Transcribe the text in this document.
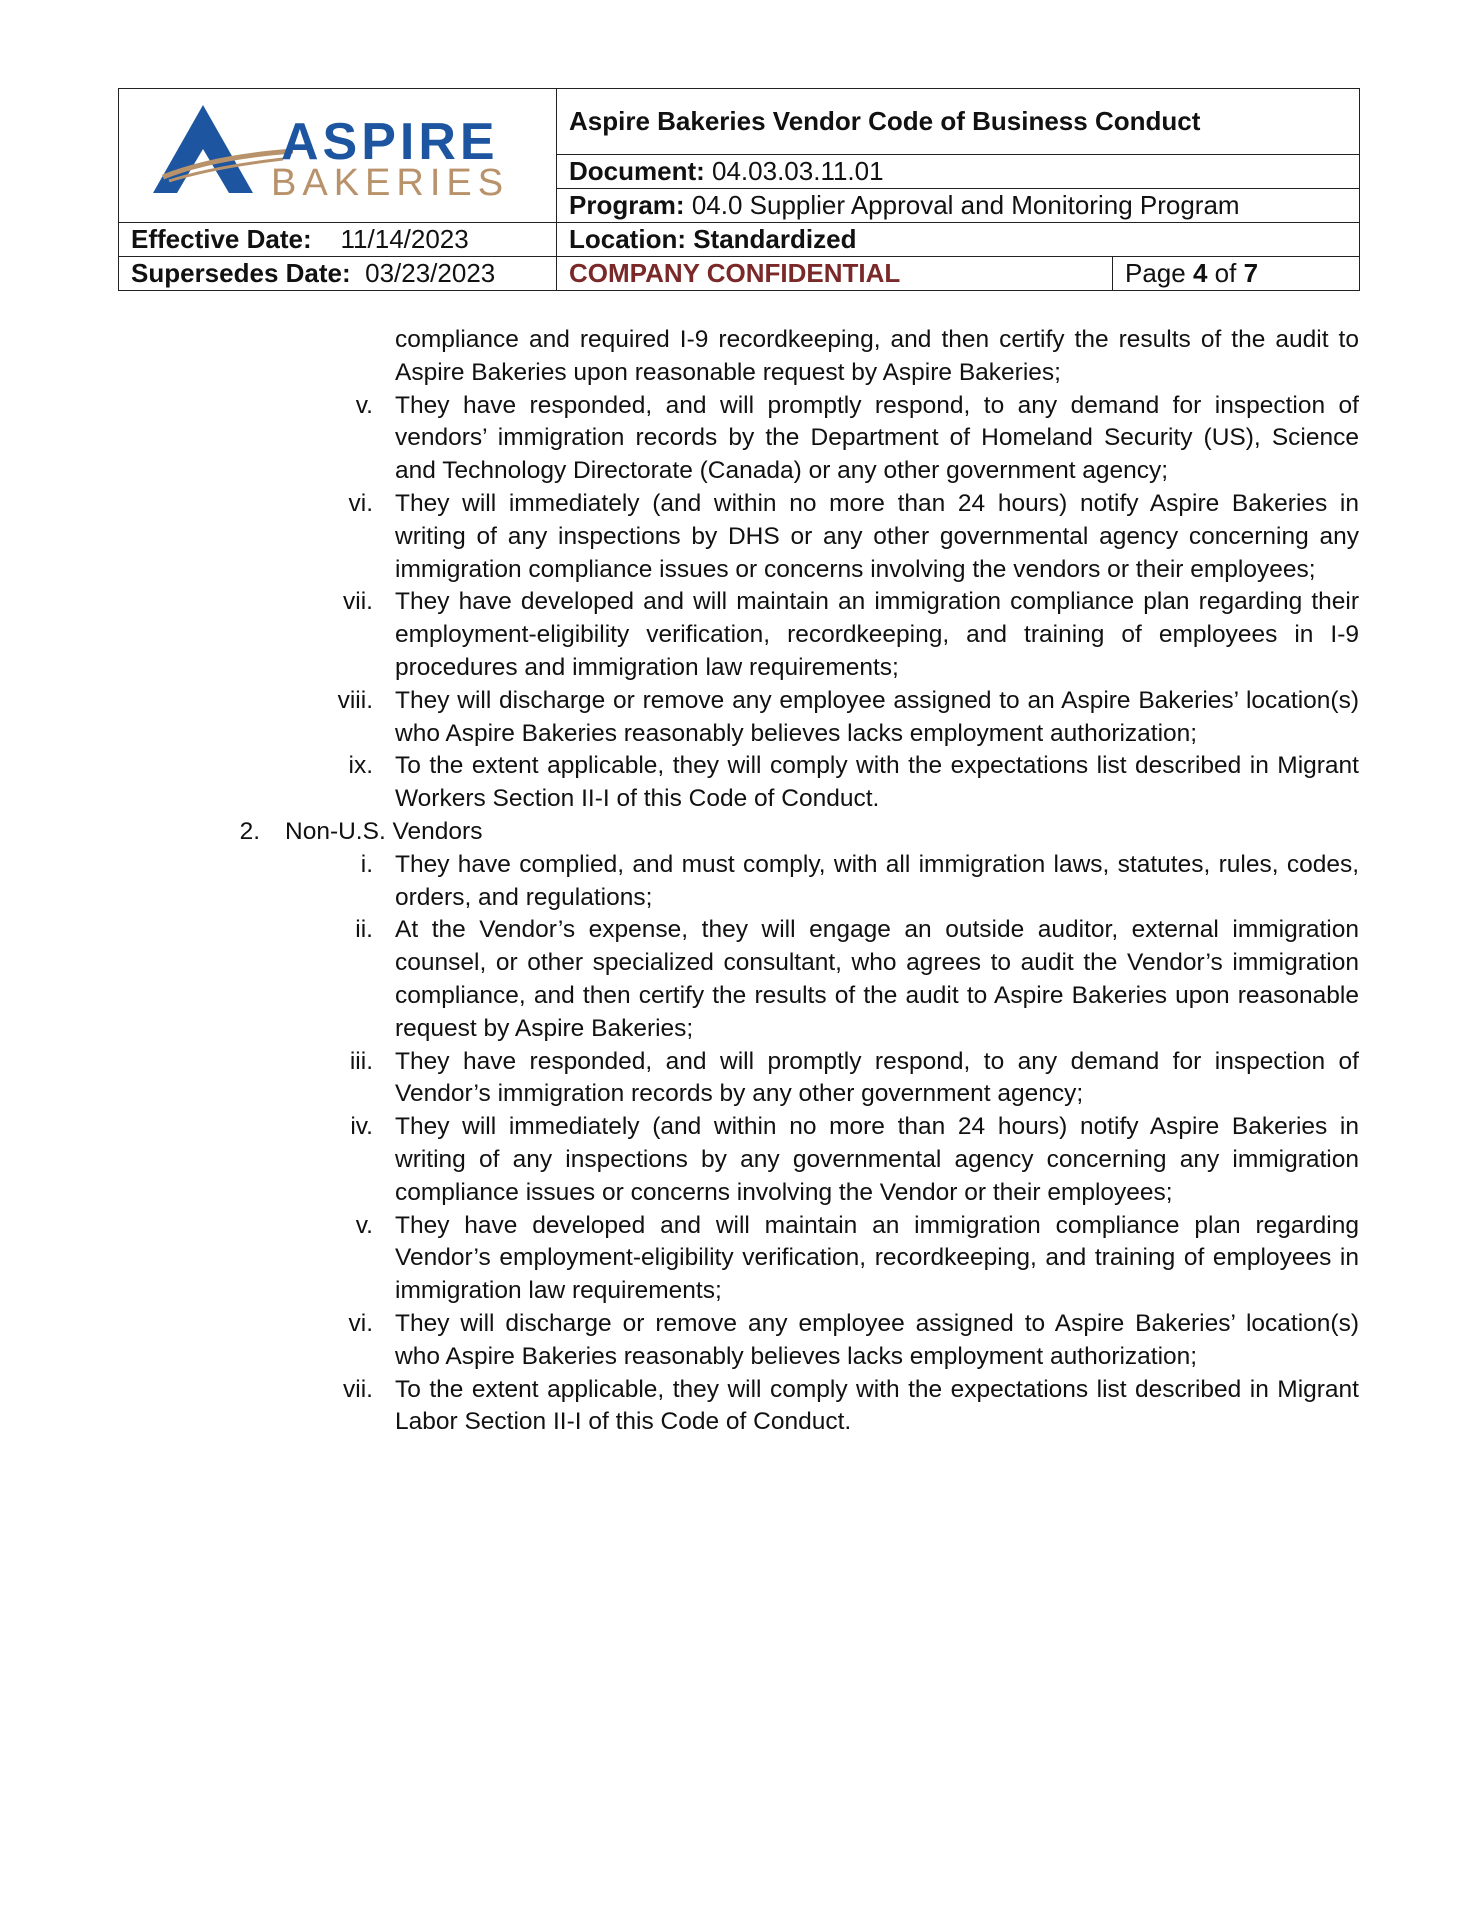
ASPIRE
BAKERIES	Aspire Bakeries Vendor Code of Business Conduct	
	Document: 04.03.03.11.01	
	Program: 04.0 Supplier Approval and Monitoring Program	
Effective Date: 11/14/2023	Location: Standardized	
Supersedes Date: 03/23/2023	COMPANY CONFIDENTIAL	Page 4 of 7
compliance and required I-9 recordkeeping, and then certify the results of the audit to Aspire Bakeries upon reasonable request by Aspire Bakeries;
v. They have responded, and will promptly respond, to any demand for inspection of vendors’ immigration records by the Department of Homeland Security (US), Science and Technology Directorate (Canada) or any other government agency;
vi. They will immediately (and within no more than 24 hours) notify Aspire Bakeries in writing of any inspections by DHS or any other governmental agency concerning any immigration compliance issues or concerns involving the vendors or their employees;
vii. They have developed and will maintain an immigration compliance plan regarding their employment-eligibility verification, recordkeeping, and training of employees in I-9 procedures and immigration law requirements;
viii. They will discharge or remove any employee assigned to an Aspire Bakeries’ location(s) who Aspire Bakeries reasonably believes lacks employment authorization;
ix. To the extent applicable, they will comply with the expectations list described in Migrant Workers Section II-I of this Code of Conduct.
2. Non-U.S. Vendors
i. They have complied, and must comply, with all immigration laws, statutes, rules, codes, orders, and regulations;
ii. At the Vendor’s expense, they will engage an outside auditor, external immigration counsel, or other specialized consultant, who agrees to audit the Vendor’s immigration compliance, and then certify the results of the audit to Aspire Bakeries upon reasonable request by Aspire Bakeries;
iii. They have responded, and will promptly respond, to any demand for inspection of Vendor’s immigration records by any other government agency;
iv. They will immediately (and within no more than 24 hours) notify Aspire Bakeries in writing of any inspections by any governmental agency concerning any immigration compliance issues or concerns involving the Vendor or their employees;
v. They have developed and will maintain an immigration compliance plan regarding Vendor’s employment-eligibility verification, recordkeeping, and training of employees in immigration law requirements;
vi. They will discharge or remove any employee assigned to Aspire Bakeries’ location(s) who Aspire Bakeries reasonably believes lacks employment authorization;
vii. To the extent applicable, they will comply with the expectations list described in Migrant Labor Section II-I of this Code of Conduct.
